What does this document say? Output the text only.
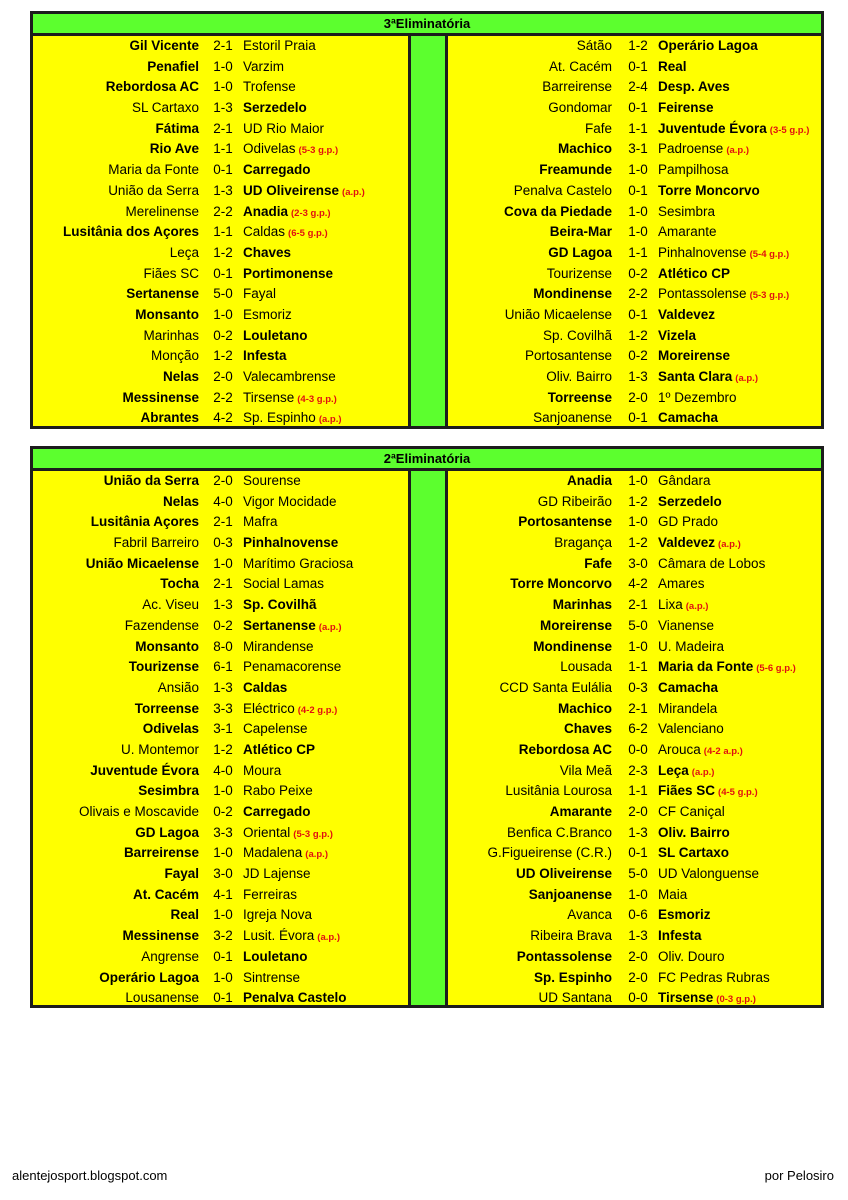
3ªEliminatória
Gil Vicente	2-1 Estoril Praia
Penafiel	1-0 Varzim
Rebordosa AC	1-0 Trofense
SL Cartaxo	1-3 Serzedelo
Fátima	2-1 UD Rio Maior
Rio Ave	1-1 Odivelas (5-3 g.p.)
Maria da Fonte	0-1 Carregado
União da Serra	1-3 UD Oliveirense (a.p.)
Merelinense	2-2 Anadia (2-3 g.p.)
Lusitânia dos Açores	1-1 Caldas (6-5 g.p.)
Leça	1-2 Chaves
Fiães SC	0-1 Portimonense
Sertanense	5-0 Fayal
Monsanto	1-0 Esmoriz
Marinhas	0-2 Louletano
Monção	1-2 Infesta
Nelas	2-0 Valecambrense
Messinense	2-2 Tirsense (4-3 g.p.)
Abrantes	4-2 Sp. Espinho (a.p.)
Sátão	1-2 Operário Lagoa
At. Cacém	0-1 Real
Barreirense	2-4 Desp. Aves
Gondomar	0-1 Feirense
Fafe	1-1 Juventude Évora (3-5 g.p.)
Machico	3-1 Padroense (a.p.)
Freamunde	1-0 Pampilhosa
Penalva Castelo	0-1 Torre Moncorvo
Cova da Piedade	1-0 Sesimbra
Beira-Mar	1-0 Amarante
GD Lagoa	1-1 Pinhalnovense (5-4 g.p.)
Tourizense	0-2 Atlético CP
Mondinense	2-2 Pontassolense (5-3 g.p.)
União Micaelense	0-1 Valdevez
Sp. Covilhã	1-2 Vizela
Portosantense	0-2 Moreirense
Oliv. Bairro	1-3 Santa Clara (a.p.)
Torreense	2-0 1º Dezembro
Sanjoanense	0-1 Camacha
2ªEliminatória
União da Serra	2-0 Sourense
Nelas	4-0 Vigor Mocidade
Lusitânia Açores	2-1 Mafra
Fabril Barreiro	0-3 Pinhalnovense
União Micaelense	1-0 Marítimo Graciosa
Tocha	2-1 Social Lamas
Ac. Viseu	1-3 Sp. Covilhã
Fazendense	0-2 Sertanense (a.p.)
Monsanto	8-0 Mirandense
Tourizense	6-1 Penamacorense
Ansião	1-3 Caldas
Torreense	3-3 Eléctrico (4-2 g.p.)
Odivelas	3-1 Capelense
U. Montemor	1-2 Atlético CP
Juventude Évora	4-0 Moura
Sesimbra	1-0 Rabo Peixe
Olivais e Moscavide	0-2 Carregado
GD Lagoa	3-3 Oriental (5-3 g.p.)
Barreirense	1-0 Madalena (a.p.)
Fayal	3-0 JD Lajense
At. Cacém	4-1 Ferreiras
Real	1-0 Igreja Nova
Messinense	3-2 Lusit. Évora (a.p.)
Angrense	0-1 Louletano
Operário Lagoa	1-0 Sintrense
Lousanense	0-1 Penalva Castelo
Anadia	1-0 Gândara
GD Ribeirão	1-2 Serzedelo
Portosantense	1-0 GD Prado
Bragança	1-2 Valdevez (a.p.)
Fafe	3-0 Câmara de Lobos
Torre Moncorvo	4-2 Amares
Marinhas	2-1 Lixa (a.p.)
Moreirense	5-0 Vianense
Mondinense	1-0 U. Madeira
Lousada	1-1 Maria da Fonte (5-6 g.p.)
CCD Santa Eulália	0-3 Camacha
Machico	2-1 Mirandela
Chaves	6-2 Valenciano
Rebordosa AC	0-0 Arouca (4-2 a.p.)
Vila Meã	2-3 Leça (a.p.)
Lusitânia Lourosa	1-1 Fiães SC (4-5 g.p.)
Amarante	2-0 CF Caniçal
Benfica C.Branco	1-3 Oliv. Bairro
G.Figueirense (C.R.)	0-1 SL Cartaxo
UD Oliveirense	5-0 UD Valonguense
Sanjoanense	1-0 Maia
Avanca	0-6 Esmoriz
Ribeira Brava	1-3 Infesta
Pontassolense	2-0 Oliv. Douro
Sp. Espinho	2-0 FC Pedras Rubras
UD Santana	0-0 Tirsense (0-3 g.p.)
alentejosport.blogspot.com	por Pelosiro
